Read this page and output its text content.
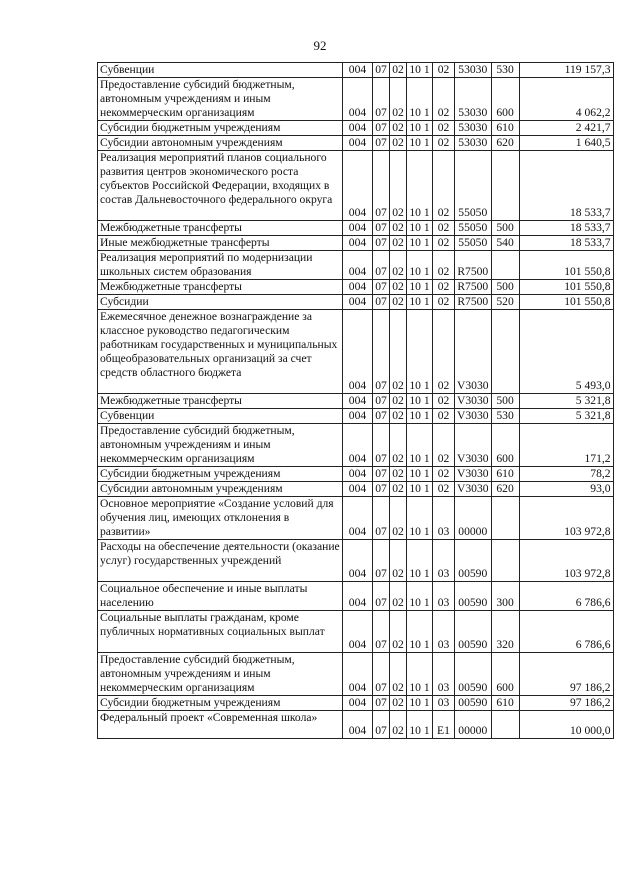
92
Субвенции	004	07	02	10 1	02	53030	530	119 157,3

Предоставление субсидий бюджетным, автономным учреждениям и иным некоммерческим организациям	004	07	02	10 1	02	53030	600	4 062,2

Субсидии бюджетным учреждениям	004	07	02	10 1	02	53030	610	2 421,7

Субсидии автономным учреждениям	004	07	02	10 1	02	53030	620	1 640,5

Реализация мероприятий планов социального развития центров экономического роста субъектов Российской Федерации, входящих в состав Дальневосточного федерального округа	004	07	02	10 1	02	55050		18 533,7

Межбюджетные трансферты	004	07	02	10 1	02	55050	500	18 533,7

Иные межбюджетные трансферты	004	07	02	10 1	02	55050	540	18 533,7

Реализация мероприятий по модернизации школьных систем образования	004	07	02	10 1	02	R7500		101 550,8

Межбюджетные трансферты	004	07	02	10 1	02	R7500	500	101 550,8

Субсидии	004	07	02	10 1	02	R7500	520	101 550,8

Ежемесячное денежное вознаграждение за классное руководство педагогическим работникам государственных и муниципальных общеобразовательных организаций за счет средств областного бюджета	004	07	02	10 1	02	V3030		5 493,0

Межбюджетные трансферты	004	07	02	10 1	02	V3030	500	5 321,8

Субвенции	004	07	02	10 1	02	V3030	530	5 321,8

Предоставление субсидий бюджетным, автономным учреждениям и иным некоммерческим организациям	004	07	02	10 1	02	V3030	600	171,2

Субсидии бюджетным учреждениям	004	07	02	10 1	02	V3030	610	78,2

Субсидии автономным учреждениям	004	07	02	10 1	02	V3030	620	93,0

Основное мероприятие «Создание условий для обучения лиц, имеющих отклонения в развитии»	004	07	02	10 1	03	00000		103 972,8

Расходы на обеспечение деятельности (оказание услуг) государственных учреждений	004	07	02	10 1	03	00590		103 972,8

Социальное обеспечение и иные выплаты населению	004	07	02	10 1	03	00590	300	6 786,6

Социальные выплаты гражданам, кроме публичных нормативных социальных выплат	004	07	02	10 1	03	00590	320	6 786,6

Предоставление субсидий бюджетным, автономным учреждениям и иным некоммерческим организациям	004	07	02	10 1	03	00590	600	97 186,2

Субсидии бюджетным учреждениям	004	07	02	10 1	03	00590	610	97 186,2

Федеральный проект «Современная школа»	004	07	02	10 1	E1	00000		10 000,0
